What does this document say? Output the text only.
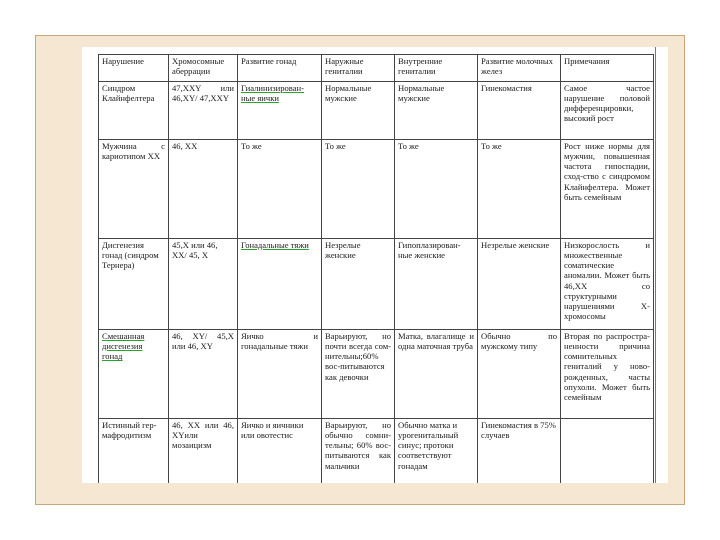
Нарушение	Хромосомные аберрации	Развитие гонад	Наружные гениталии	Внутренние гениталии	Развитие молочных желез	Примечания
Синдром Клайнфелтера	47,XXY или 46,XY/ 47,XXY	Гиалинизирован-ные яички	Нормальные мужские	Нормальные мужские	Гинекомастия	Самое частое нарушение половой дифференцировки, высокий рост
Мужчина с кариотипом XX	46, XX	То же	То же	То же	То же	Рост ниже нормы для мужчин, повышенная частота гипоспадии, сход-ство с синдромом Клайнфелтера. Может быть семейным
Дисгенезия гонад (синдром Тернера)	45,X или 46, XX/ 45, X	Гонадальные тяжи	Незрелые женские	Гипоплазирован-ные женские	Незрелые женские	Низкорослость и множественные соматические аномалии. Может быть 46,XX со структурными нарушениями X-хромосомы
Смешанная дисгенезия гонад	46, XY/ 45,X или 46, XY	Яичко и гонадальные тяжи	Варьируют, но почти всегда сом-нительны;60% вос-питываются как девочки	Матка, влагалище и одна маточная труба	Обычно по мужскому типу	Вторая по распростра-ненности причина сомнительных гениталий у ново-рожденных, часты опухоли. Может быть семейным
Истинный гер-мафродитизм	46, XX или 46, XYили мозаицизм	Яичко и яичники или овотестис	Варьируют, но обычно сомни-тельны; 60% вос-питываются как мальчики	Обычно матка и урогенитальный синус; протоки соответствуют гонадам	Гинекомастия в 75% случаев	
